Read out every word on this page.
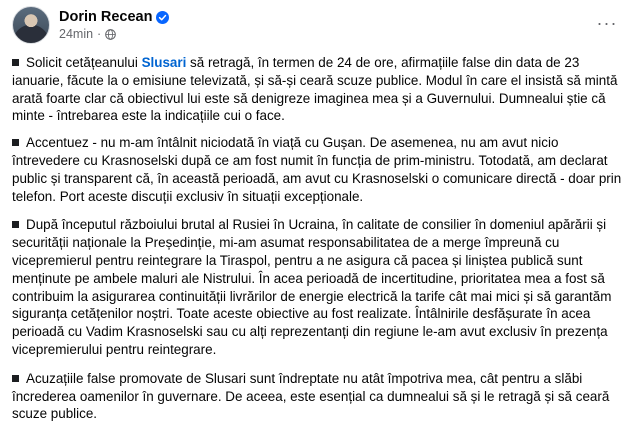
Dorin Recean
24min ·
···

Solicit cetățeanului Slusari să retragă, în termen de 24 de ore, afirmațiile false din data de 23 ianuarie, făcute la o emisiune televizată, și să-și ceară scuze publice. Modul în care el insistă să mintă arată foarte clar că obiectivul lui este să denigreze imaginea mea și a Guvernului. Dumnealui știe că minte - întrebarea este la indicațiile cui o face.

Accentuez - nu m-am întâlnit niciodată în viață cu Gușan. De asemenea, nu am avut nicio întrevedere cu Krasnoselski după ce am fost numit în funcția de prim-ministru. Totodată, am declarat public și transparent că, în această perioadă, am avut cu Krasnoselski o comunicare directă - doar prin telefon. Port aceste discuții exclusiv în situații excepționale.

După începutul războiului brutal al Rusiei în Ucraina, în calitate de consilier în domeniul apărării și securității naționale la Președinție, mi-am asumat responsabilitatea de a merge împreună cu vicepremierul pentru reintegrare la Tiraspol, pentru a ne asigura că pacea și liniștea publică sunt menținute pe ambele maluri ale Nistrului. În acea perioadă de incertitudine, prioritatea mea a fost să contribuim la asigurarea continuității livrărilor de energie electrică la tarife cât mai mici și să garantăm siguranța cetățenilor noștri. Toate aceste obiective au fost realizate. Întâlnirile desfășurate în acea perioadă cu Vadim Krasnoselski sau cu alți reprezentanți din regiune le-am avut exclusiv în prezența vicepremierului pentru reintegrare.

Acuzațiile false promovate de Slusari sunt îndreptate nu atât împotriva mea, cât pentru a slăbi încrederea oamenilor în guvernare. De aceea, este esențial ca dumnealui să și le retragă și să ceară scuze publice.
